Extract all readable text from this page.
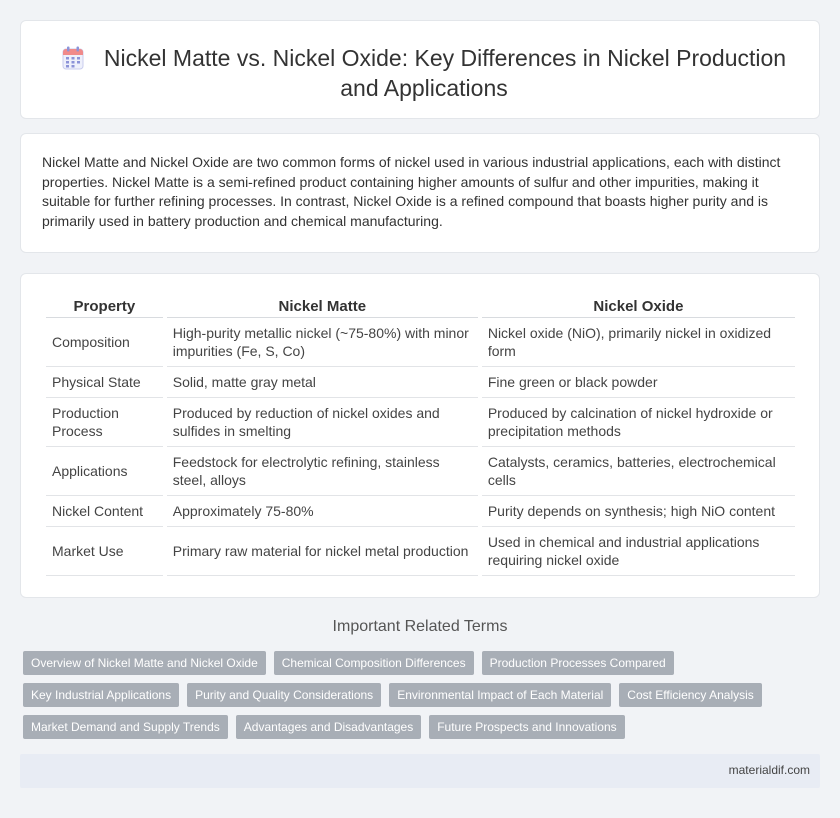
Nickel Matte vs. Nickel Oxide: Key Differences in Nickel Production and Applications

Nickel Matte and Nickel Oxide are two common forms of nickel used in various industrial applications, each with distinct properties. Nickel Matte is a semi-refined product containing higher amounts of sulfur and other impurities, making it suitable for further refining processes. In contrast, Nickel Oxide is a refined compound that boasts higher purity and is primarily used in battery production and chemical manufacturing.

Property	Nickel Matte	Nickel Oxide
Composition	High-purity metallic nickel (~75-80%) with minor impurities (Fe, S, Co)	Nickel oxide (NiO), primarily nickel in oxidized form
Physical State	Solid, matte gray metal	Fine green or black powder
Production Process	Produced by reduction of nickel oxides and sulfides in smelting	Produced by calcination of nickel hydroxide or precipitation methods
Applications	Feedstock for electrolytic refining, stainless steel, alloys	Catalysts, ceramics, batteries, electrochemical cells
Nickel Content	Approximately 75-80%	Purity depends on synthesis; high NiO content
Market Use	Primary raw material for nickel metal production	Used in chemical and industrial applications requiring nickel oxide
Important Related Terms
Overview of Nickel Matte and Nickel Oxide	Chemical Composition Differences	Production Processes Compared
Key Industrial Applications	Purity and Quality Considerations	Environmental Impact of Each Material	Cost Efficiency Analysis
Market Demand and Supply Trends	Advantages and Disadvantages	Future Prospects and Innovations
materialdif.com
